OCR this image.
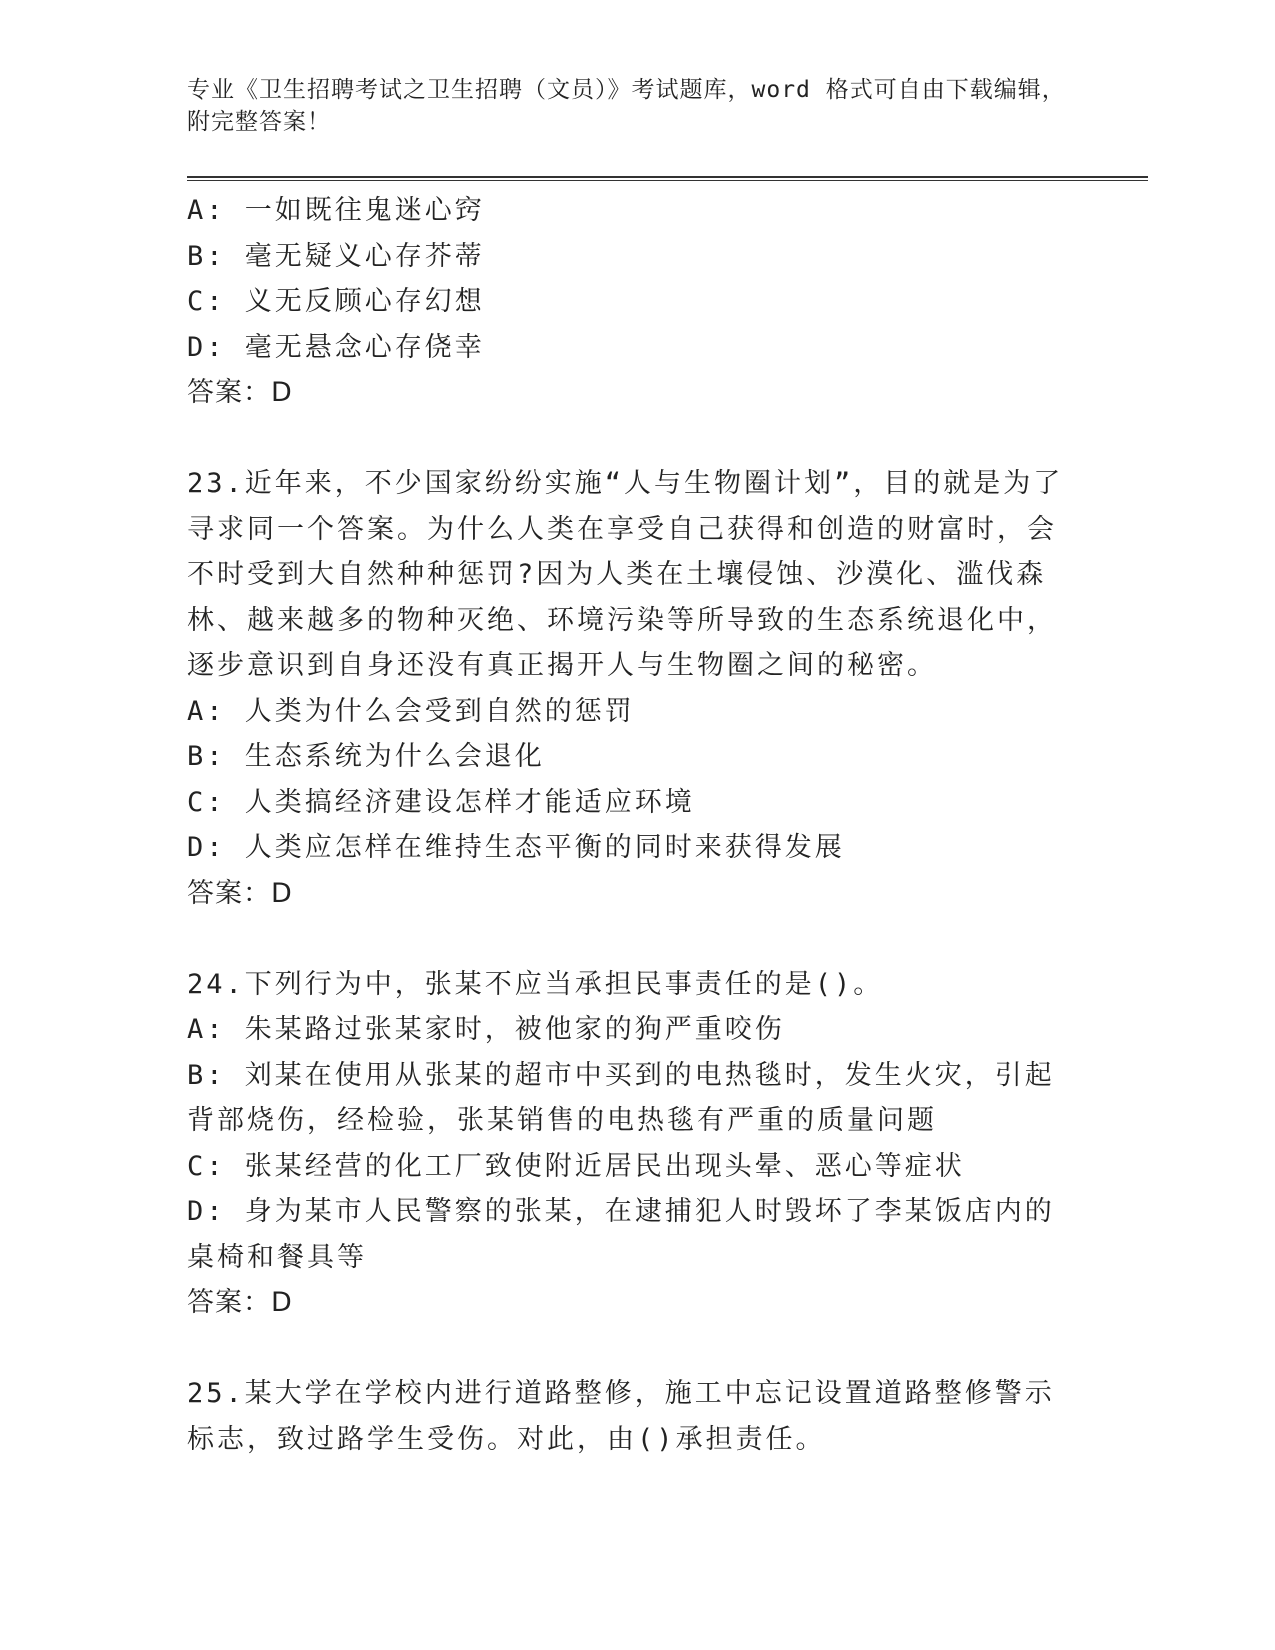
专业《卫生招聘考试之卫生招聘（文员）》考试题库，word 格式可自由下载编辑，附完整答案！
A: 一如既往鬼迷心窍
B: 毫无疑义心存芥蒂
C: 义无反顾心存幻想
D: 毫无悬念心存侥幸
答案：D
23.近年来，不少国家纷纷实施“人与生物圈计划”，目的就是为了寻求同一个答案。为什么人类在享受自己获得和创造的财富时，会不时受到大自然种种惩罚?因为人类在土壤侵蚀、沙漠化、滥伐森林、越来越多的物种灭绝、环境污染等所导致的生态系统退化中，逐步意识到自身还没有真正揭开人与生物圈之间的秘密。
A: 人类为什么会受到自然的惩罚
B: 生态系统为什么会退化
C: 人类搞经济建设怎样才能适应环境
D: 人类应怎样在维持生态平衡的同时来获得发展
答案：D
24.下列行为中，张某不应当承担民事责任的是()。
A: 朱某路过张某家时，被他家的狗严重咬伤
B: 刘某在使用从张某的超市中买到的电热毯时，发生火灾，引起背部烧伤，经检验，张某销售的电热毯有严重的质量问题
C: 张某经营的化工厂致使附近居民出现头晕、恶心等症状
D: 身为某市人民警察的张某，在逮捕犯人时毁坏了李某饭店内的桌椅和餐具等
答案：D
25.某大学在学校内进行道路整修，施工中忘记设置道路整修警示标志，致过路学生受伤。对此，由()承担责任。
